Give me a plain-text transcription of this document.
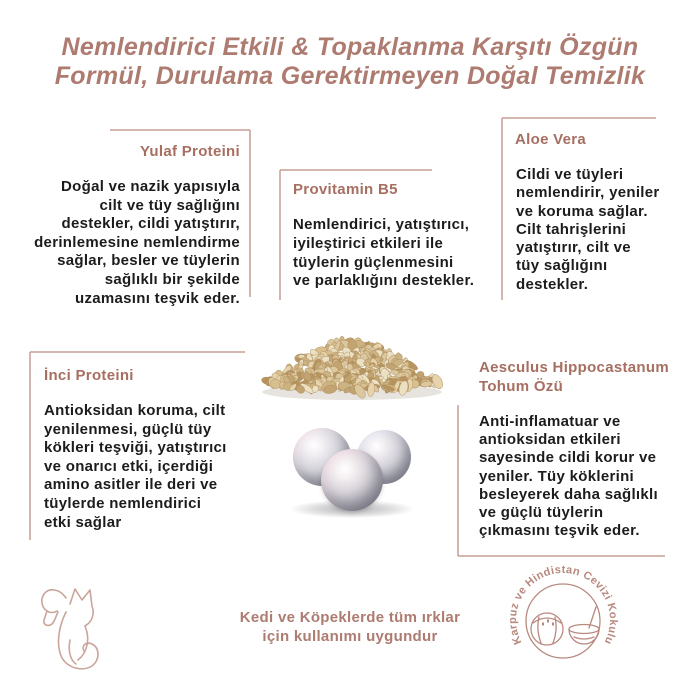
Karpuz ve Hindistan Cevizi Kokulu
Nemlendirici Etkili & Topaklanma Karşıtı Özgün
Formül, Durulama Gerektirmeyen Doğal Temizlik
Yulaf Proteini
Doğal ve nazik yapısıyla
cilt ve tüy sağlığını
destekler, cildi yatıştırır,
derinlemesine nemlendirme
sağlar, besler ve tüylerin
sağlıklı bir şekilde
uzamasını teşvik eder.
Provitamin B5
Nemlendirici, yatıştırıcı,
iyileştirici etkileri ile
tüylerin güçlenmesini
ve parlaklığını destekler.
Aloe Vera
Cildi ve tüyleri
nemlendirir, yeniler
ve koruma sağlar.
Cilt tahrişlerini
yatıştırır, cilt ve
tüy sağlığını
destekler.
İnci Proteini
Antioksidan koruma, cilt
yenilenmesi, güçlü tüy
kökleri teşviği, yatıştırıcı
ve onarıcı etki, içerdiği
amino asitler ile deri ve
tüylerde nemlendirici
etki sağlar
Aesculus Hippocastanum
Tohum Özü
Anti-inflamatuar ve
antioksidan etkileri
sayesinde cildi korur ve
yeniler. Tüy köklerini
besleyerek daha sağlıklı
ve güçlü tüylerin
çıkmasını teşvik eder.
Kedi ve Köpeklerde tüm ırklar
için kullanımı uygundur
